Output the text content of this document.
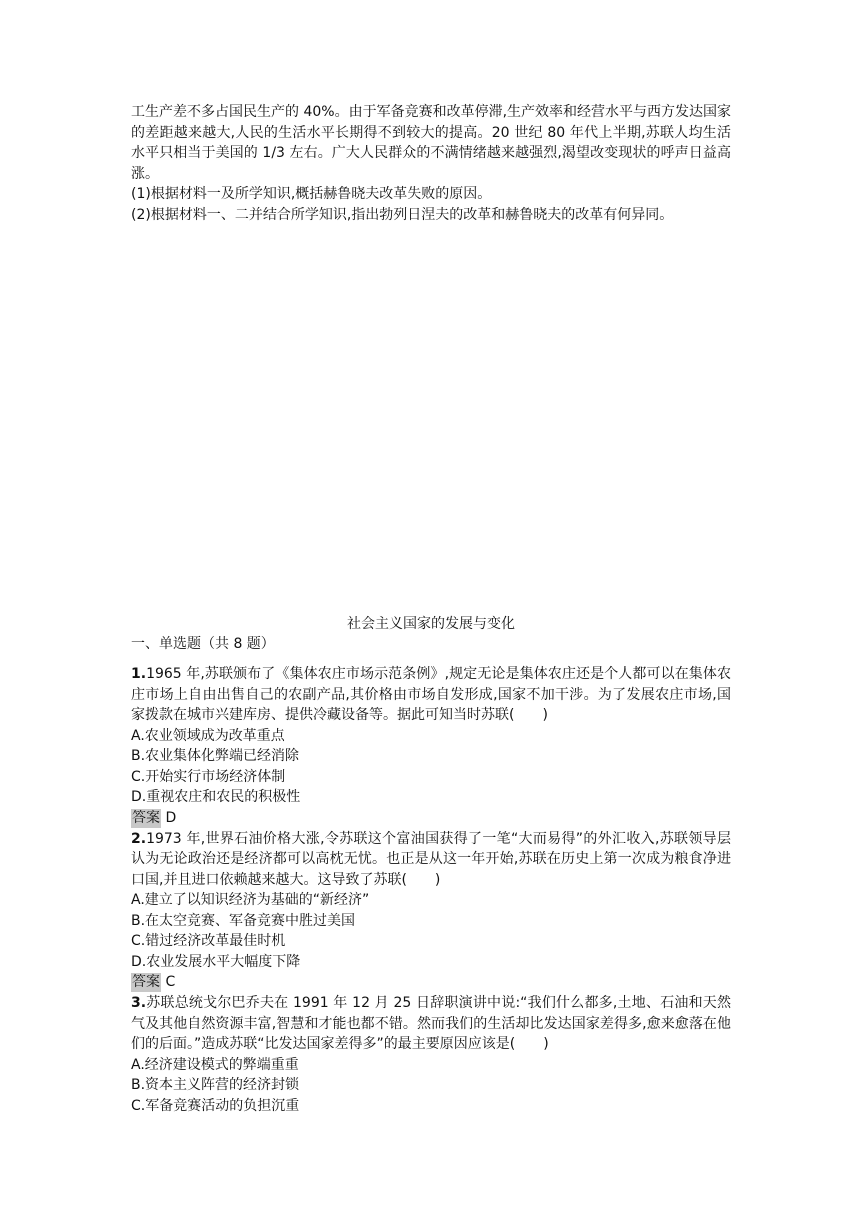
工生产差不多占国民生产的 40%。由于军备竞赛和改革停滞,生产效率和经营水平与西方发达国家的差距越来越大,人民的生活水平长期得不到较大的提高。20 世纪 80 年代上半期,苏联人均生活水平只相当于美国的 1/3 左右。广大人民群众的不满情绪越来越强烈,渴望改变现状的呼声日益高涨。
(1)根据材料一及所学知识,概括赫鲁晓夫改革失败的原因。
(2)根据材料一、二并结合所学知识,指出勃列日涅夫的改革和赫鲁晓夫的改革有何异同。
社会主义国家的发展与变化
一、单选题（共 8 题）
1.1965 年,苏联颁布了《集体农庄市场示范条例》,规定无论是集体农庄还是个人都可以在集体农庄市场上自由出售自己的农副产品,其价格由市场自发形成,国家不加干涉。为了发展农庄市场,国家拨款在城市兴建库房、提供冷藏设备等。据此可知当时苏联(　　)
A.农业领域成为改革重点
B.农业集体化弊端已经消除
C.开始实行市场经济体制
D.重视农庄和农民的积极性
答案 D
2.1973 年,世界石油价格大涨,令苏联这个富油国获得了一笔“大而易得”的外汇收入,苏联领导层认为无论政治还是经济都可以高枕无忧。也正是从这一年开始,苏联在历史上第一次成为粮食净进口国,并且进口依赖越来越大。这导致了苏联(　　)
A.建立了以知识经济为基础的“新经济”
B.在太空竞赛、军备竞赛中胜过美国
C.错过经济改革最佳时机
D.农业发展水平大幅度下降
答案 C
3.苏联总统戈尔巴乔夫在 1991 年 12 月 25 日辞职演讲中说:“我们什么都多,土地、石油和天然气及其他自然资源丰富,智慧和才能也都不错。然而我们的生活却比发达国家差得多,愈来愈落在他们的后面。”造成苏联“比发达国家差得多”的最主要原因应该是(　　)
A.经济建设模式的弊端重重
B.资本主义阵营的经济封锁
C.军备竞赛活动的负担沉重
